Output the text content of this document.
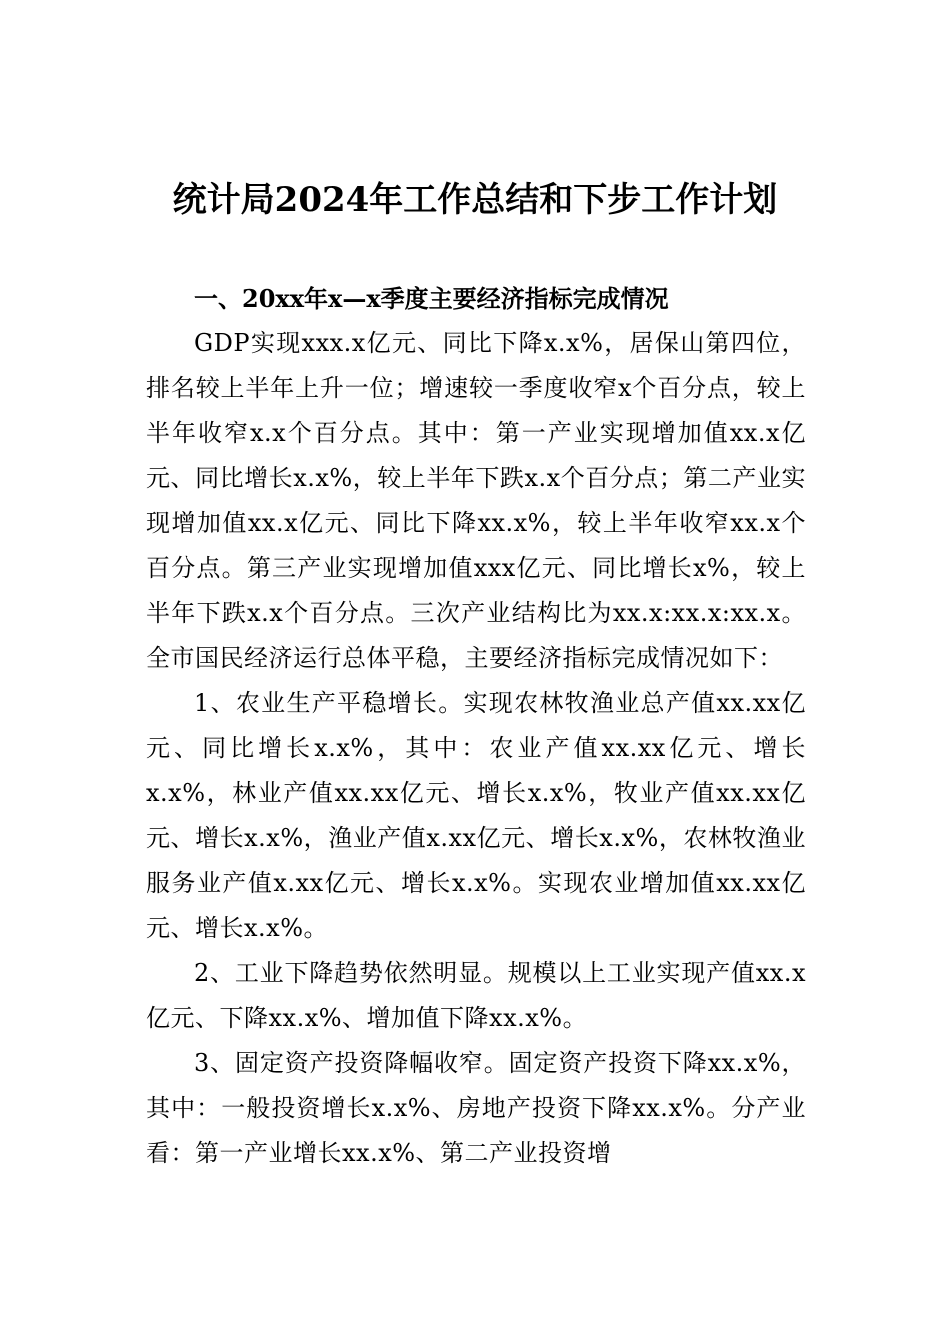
统计局2024年工作总结和下步工作计划

一、20xx年x—x季度主要经济指标完成情况

GDP实现xxx.x亿元、同比下降x.x%，居保山第四位，排名较上半年上升一位；增速较一季度收窄x个百分点，较上半年收窄x.x个百分点。其中：第一产业实现增加值xx.x亿元、同比增长x.x%，较上半年下跌x.x个百分点；第二产业实现增加值xx.x亿元、同比下降xx.x%，较上半年收窄xx.x个百分点。第三产业实现增加值xxx亿元、同比增长x%，较上半年下跌x.x个百分点。三次产业结构比为xx.x:xx.x:xx.x。全市国民经济运行总体平稳，主要经济指标完成情况如下：

1、农业生产平稳增长。实现农林牧渔业总产值xx.xx亿元、同比增长x.x%，其中：农业产值xx.xx亿元、增长x.x%，林业产值xx.xx亿元、增长x.x%，牧业产值xx.xx亿元、增长x.x%，渔业产值x.xx亿元、增长x.x%，农林牧渔业服务业产值x.xx亿元、增长x.x%。实现农业增加值xx.xx亿元、增长x.x%。

2、工业下降趋势依然明显。规模以上工业实现产值xx.x亿元、下降xx.x%、增加值下降xx.x%。

3、固定资产投资降幅收窄。固定资产投资下降xx.x%，其中：一般投资增长x.x%、房地产投资下降xx.x%。分产业看：第一产业增长xx.x%、第二产业投资增
